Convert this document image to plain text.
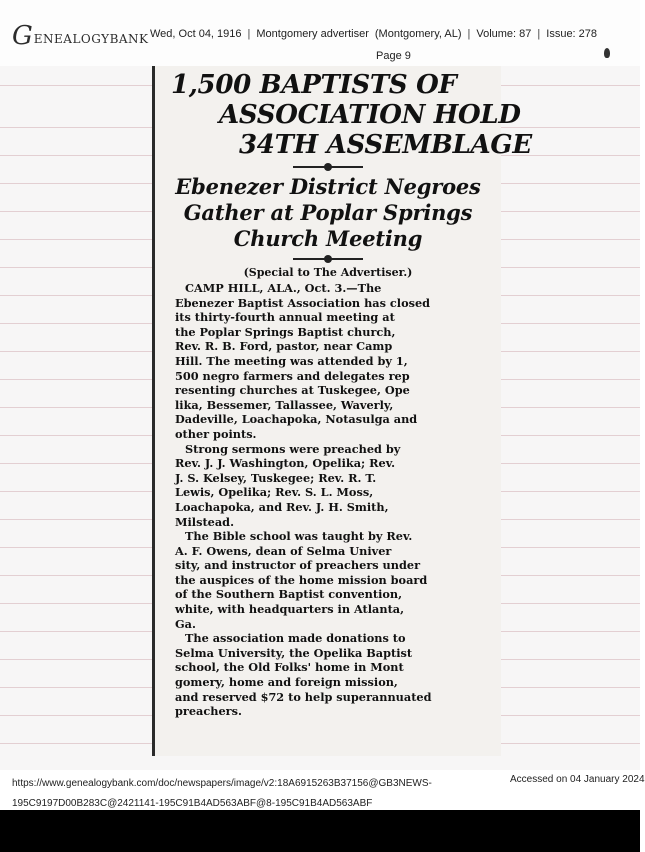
G ENEALOGYBANK Wed, Oct 04, 1916 | Montgomery advertiser (Montgomery, AL) | Volume: 87 | Issue: 278
Page 9

1,500 BAPTISTS OF

ASSOCIATION HOLD

34TH ASSEMBLAGE

Ebenezer District Negroes

Gather at Poplar Springs

Church Meeting

(Special to The Advertiser.)
CAMP HILL, ALA., Oct. 3.—The
Ebenezer Baptist Association has closed
its thirty-fourth annual meeting at
the Poplar Springs Baptist church,
Rev. R. B. Ford, pastor, near Camp
Hill. The meeting was attended by 1,
500 negro farmers and delegates rep
resenting churches at Tuskegee, Ope
lika, Bessemer, Tallassee, Waverly,
Dadeville, Loachapoka, Notasulga and
other points.
Strong sermons were preached by
Rev. J. J. Washington, Opelika; Rev.
J. S. Kelsey, Tuskegee; Rev. R. T.
Lewis, Opelika; Rev. S. L. Moss,
Loachapoka, and Rev. J. H. Smith,
Milstead.
The Bible school was taught by Rev.
A. F. Owens, dean of Selma Univer
sity, and instructor of preachers under
the auspices of the home mission board
of the Southern Baptist convention,
white, with headquarters in Atlanta,
Ga.
The association made donations to
Selma University, the Opelika Baptist
school, the Old Folks' home in Mont
gomery, home and foreign mission,
and reserved $72 to help superannuated
preachers.
https://www.genealogybank.com/doc/newspapers/image/v2:18A6915263B37156@GB3NEWS-195C9197D00B283C@2421141-195C91B4AD563ABF@8-195C91B4AD563ABF
Accessed on 04 January 2024
